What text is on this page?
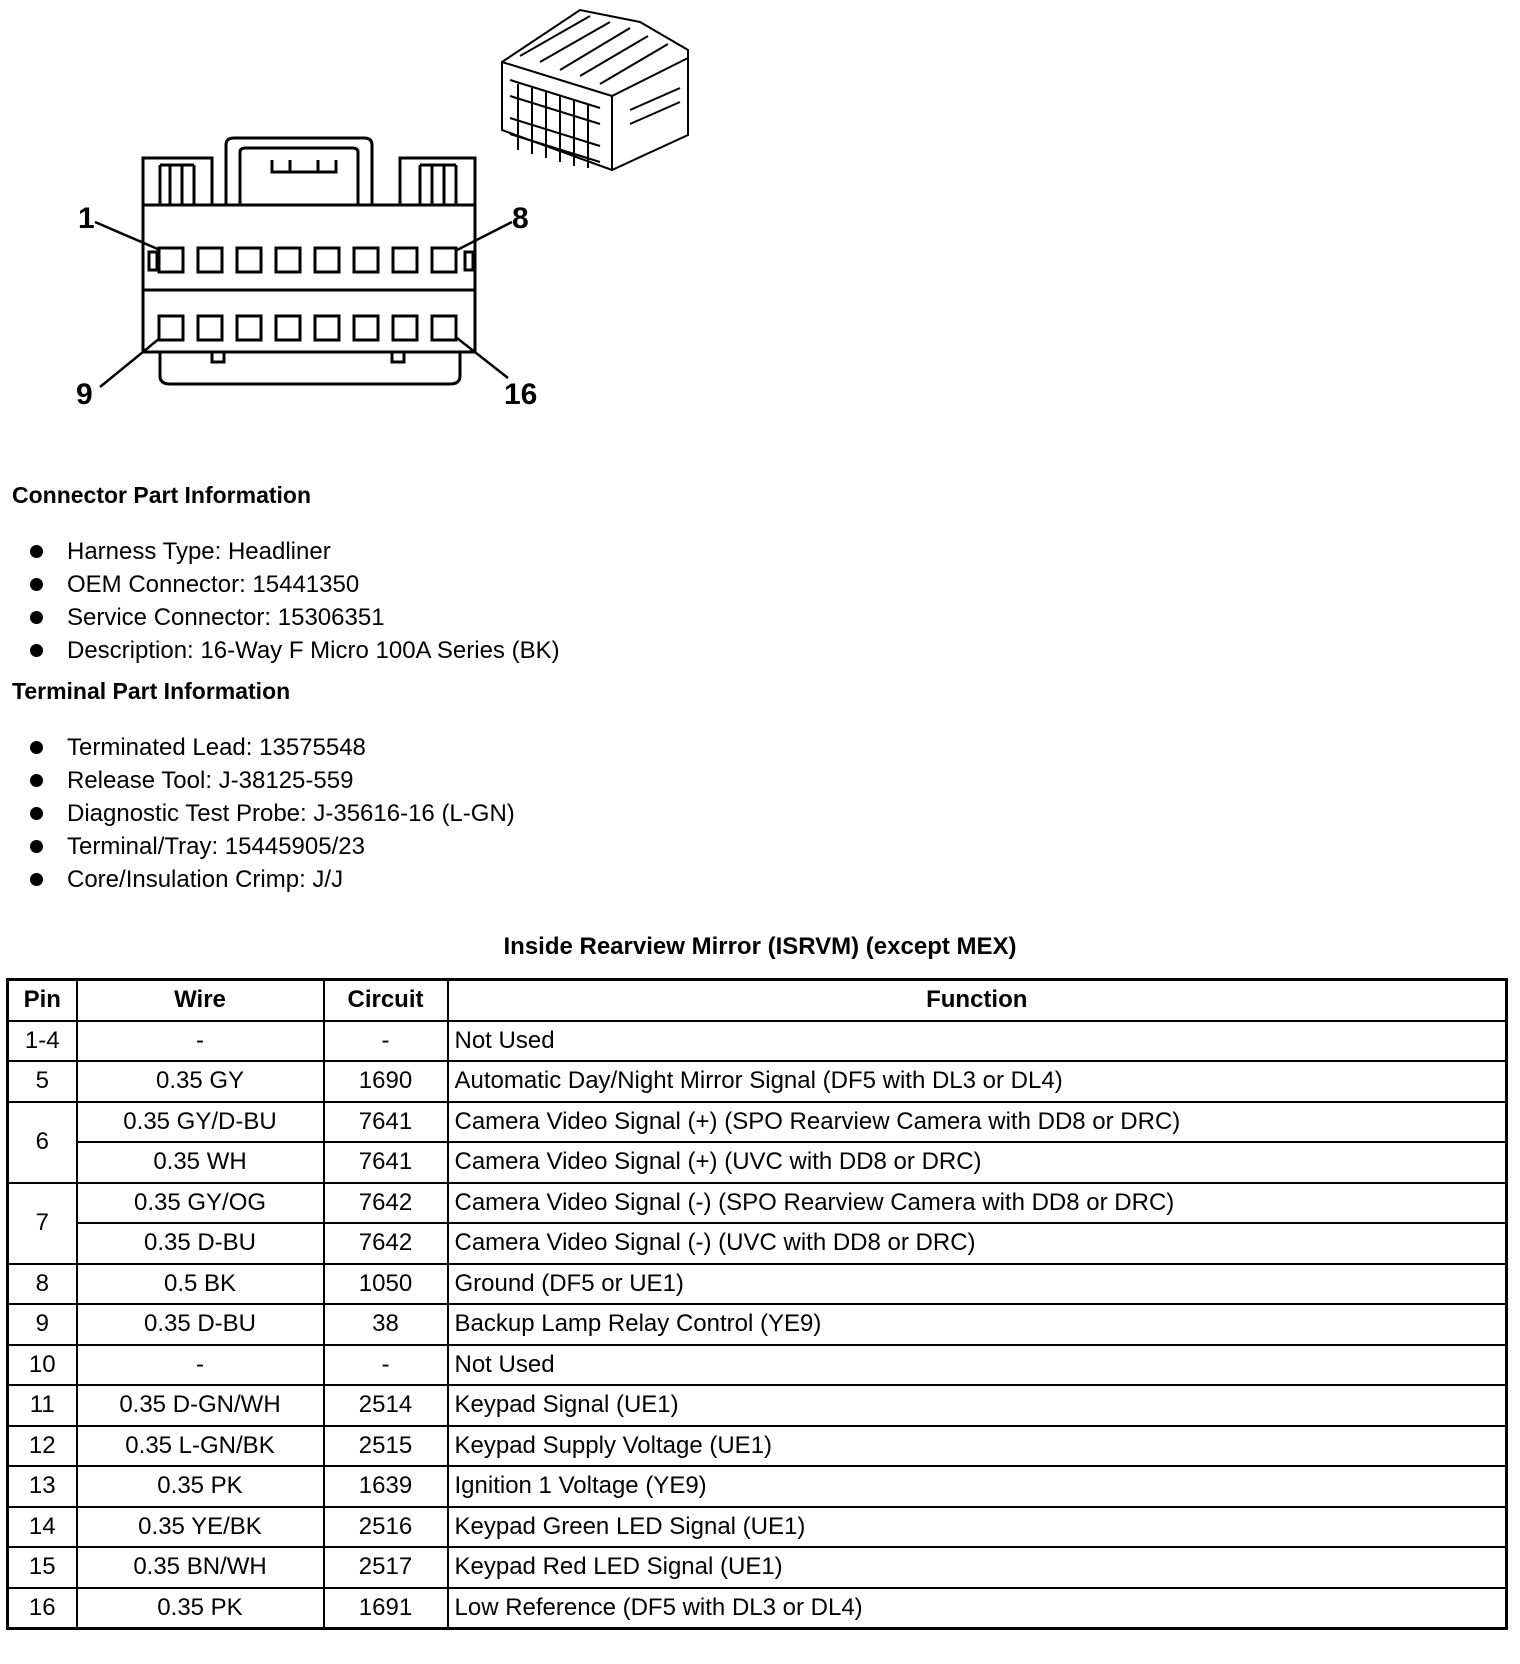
1	8
9	16
Connector Part Information
Harness Type: Headliner
OEM Connector: 15441350
Service Connector: 15306351
Description: 16-Way F Micro 100A Series (BK)
Terminal Part Information
Terminated Lead: 13575548
Release Tool: J-38125-559
Diagnostic Test Probe: J-35616-16 (L-GN)
Terminal/Tray: 15445905/23
Core/Insulation Crimp: J/J
Inside Rearview Mirror (ISRVM) (except MEX)
Pin	Wire	Circuit	Function
1-4	-	-	Not Used
5	0.35 GY	1690	Automatic Day/Night Mirror Signal (DF5 with DL3 or DL4)
6	0.35 GY/D-BU	7641	Camera Video Signal (+) (SPO Rearview Camera with DD8 or DRC)
	0.35 WH	7641	Camera Video Signal (+) (UVC with DD8 or DRC)
7	0.35 GY/OG	7642	Camera Video Signal (-) (SPO Rearview Camera with DD8 or DRC)
	0.35 D-BU	7642	Camera Video Signal (-) (UVC with DD8 or DRC)
8	0.5 BK	1050	Ground (DF5 or UE1)
9	0.35 D-BU	38	Backup Lamp Relay Control (YE9)
10	-	-	Not Used
11	0.35 D-GN/WH	2514	Keypad Signal (UE1)
12	0.35 L-GN/BK	2515	Keypad Supply Voltage (UE1)
13	0.35 PK	1639	Ignition 1 Voltage (YE9)
14	0.35 YE/BK	2516	Keypad Green LED Signal (UE1)
15	0.35 BN/WH	2517	Keypad Red LED Signal (UE1)
16	0.35 PK	1691	Low Reference (DF5 with DL3 or DL4)
